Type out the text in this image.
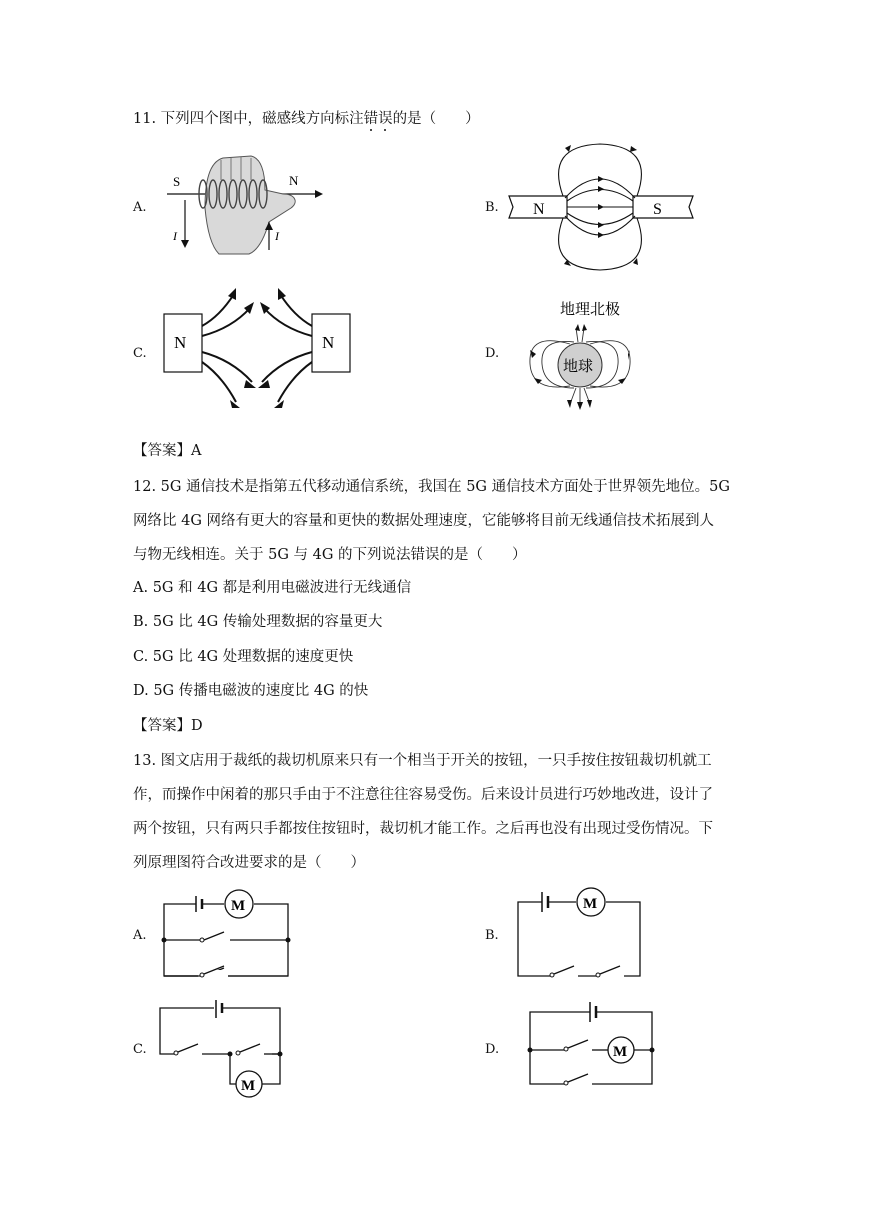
11. 下列四个图中，磁感线方向标注错误的是（　　）
A.
S	N
I	I
B. N	S
C.
N	N
D.
地理北极
地球
【答案】A
12. 5G 通信技术是指第五代移动通信系统，我国在 5G 通信技术方面处于世界领先地位。5G
网络比 4G 网络有更大的容量和更快的数据处理速度，它能够将目前无线通信技术拓展到人
与物无线相连。关于 5G 与 4G 的下列说法错误的是（　　）
A. 5G 和 4G 都是利用电磁波进行无线通信
B. 5G 比 4G 传输处理数据的容量更大
C. 5G 比 4G 处理数据的速度更快
D. 5G 传播电磁波的速度比 4G 的快
【答案】D
13. 图文店用于裁纸的裁切机原来只有一个相当于开关的按钮，一只手按住按钮裁切机就工
作，而操作中闲着的那只手由于不注意往往容易受伤。后来设计员进行巧妙地改进，设计了
两个按钮，只有两只手都按住按钮时，裁切机才能工作。之后再也没有出现过受伤情况。下
列原理图符合改进要求的是（　　）
A.
M
B.
M
C.
M
D.	M
